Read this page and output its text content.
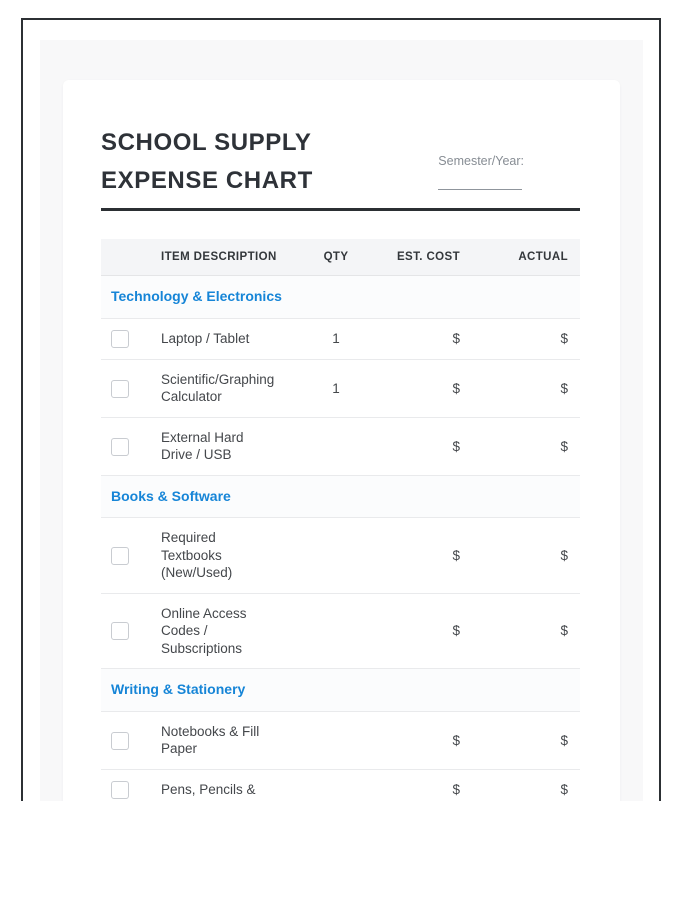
SCHOOL SUPPLY
EXPENSE CHART
Semester/Year:
	ITEM DESCRIPTION	QTY	EST. COST	ACTUAL
Technology & Electronics				
	Laptop / Tablet	1	$	$
	Scientific/Graphing Calculator	1	$	$
	External Hard Drive / USB		$	$
Books & Software				
	Required Textbooks (New/Used)		$	$
	Online Access Codes / Subscriptions		$	$
Writing & Stationery				
	Notebooks & Fill Paper		$	$
	Pens, Pencils &		$	$
